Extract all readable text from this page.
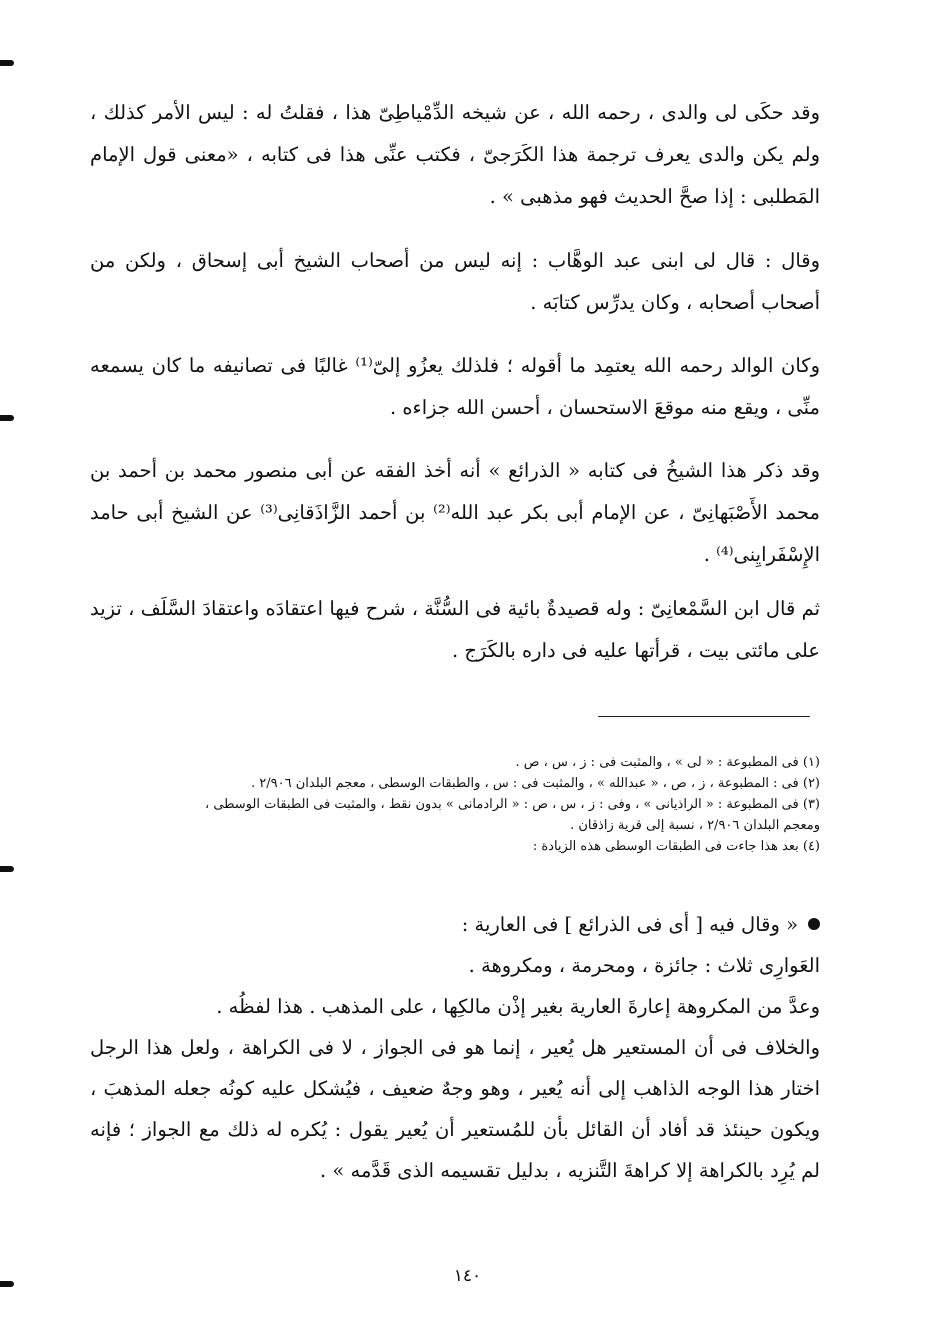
وقد حكَى لى والدى ، رحمه الله ، عن شيخه الدِّمْياطِىّ هذا ، فقلتُ له : ليس الأمر كذلك ، ولم يكن والدى يعرف ترجمة هذا الكَرَجىّ ، فكتب عنِّى هذا فى كتابه ، «معنى قول الإمام المَطلبى : إذا صحَّ الحديث فهو مذهبى » .

وقال : قال لى ابنى عبد الوهَّاب : إنه ليس من أصحاب الشيخ أبى إسحاق ، ولكن من أصحاب أصحابه ، وكان يدرِّس كتابَه .

وكان الوالد رحمه الله يعتمِد ما أقوله ؛ فلذلك يعزُو إلىّ⁽¹⁾ غالبًا فى تصانيفه ما كان يسمعه منِّى ، ويقع منه موقعَ الاستحسان ، أحسن الله جزاءه .

وقد ذكر هذا الشيخُ فى كتابه « الذرائع » أنه أخذ الفقه عن أبى منصور محمد بن أحمد بن محمد الأَصْبَهانِىّ ، عن الإمام أبى بكر عبد الله⁽²⁾ بن أحمد الزَّاذَقانِى⁽³⁾ عن الشيخ أبى حامد الإِسْفَرايِنى⁽⁴⁾ .

ثم قال ابن السَّمْعانِىّ : وله قصيدةٌ بائية فى السُّنَّة ، شرح فيها اعتقادَه واعتقادَ السَّلَف ، تزيد على مائتى بيت ، قرأتها عليه فى داره بالكَرَج .

(١) فى المطبوعة : « لى » ، والمثبت فى : ز ، س ، ص .

(٢) فى : المطبوعة ، ز ، ص ، « عبدالله » ، والمثبت فى : س ، والطبقات الوسطى ، معجم البلدان ٢/٩٠٦ .

(٣) فى المطبوعة : « الراذيانى » ، وفى : ز ، س ، ص : « الرادمانى » بدون نقط ، والمثبت فى الطبقات الوسطى ،

ومعجم البلدان ٢/٩٠٦ ، نسبة إلى قرية زاذقان .

(٤) بعد هذا جاءت فى الطبقات الوسطى هذه الزيادة :

« وقال فيه [ أى فى الذرائع ] فى العارية :

العَوارِى ثلاث : جائزة ، ومحرمة ، ومكروهة .

وعدَّ من المكروهة إعارةَ العارية بغير إذْن مالكِها ، على المذهب . هذا لفظُه .

والخلاف فى أن المستعير هل يُعير ، إنما هو فى الجواز ، لا فى الكراهة ، ولعل هذا الرجل اختار هذا الوجه الذاهب إلى أنه يُعير ، وهو وجهٌ ضعيف ، فيُشكل عليه كونُه جعله المذهبَ ، ويكون حينئذ قد أفاد أن القائل بأن للمُستعير أن يُعير يقول : يُكره له ذلك مع الجواز ؛ فإنه لم يُرِد بالكراهة إلا كراهةَ التَّنزيه ، بدليل تقسيمه الذى قَدَّمه » .

١٤٠
